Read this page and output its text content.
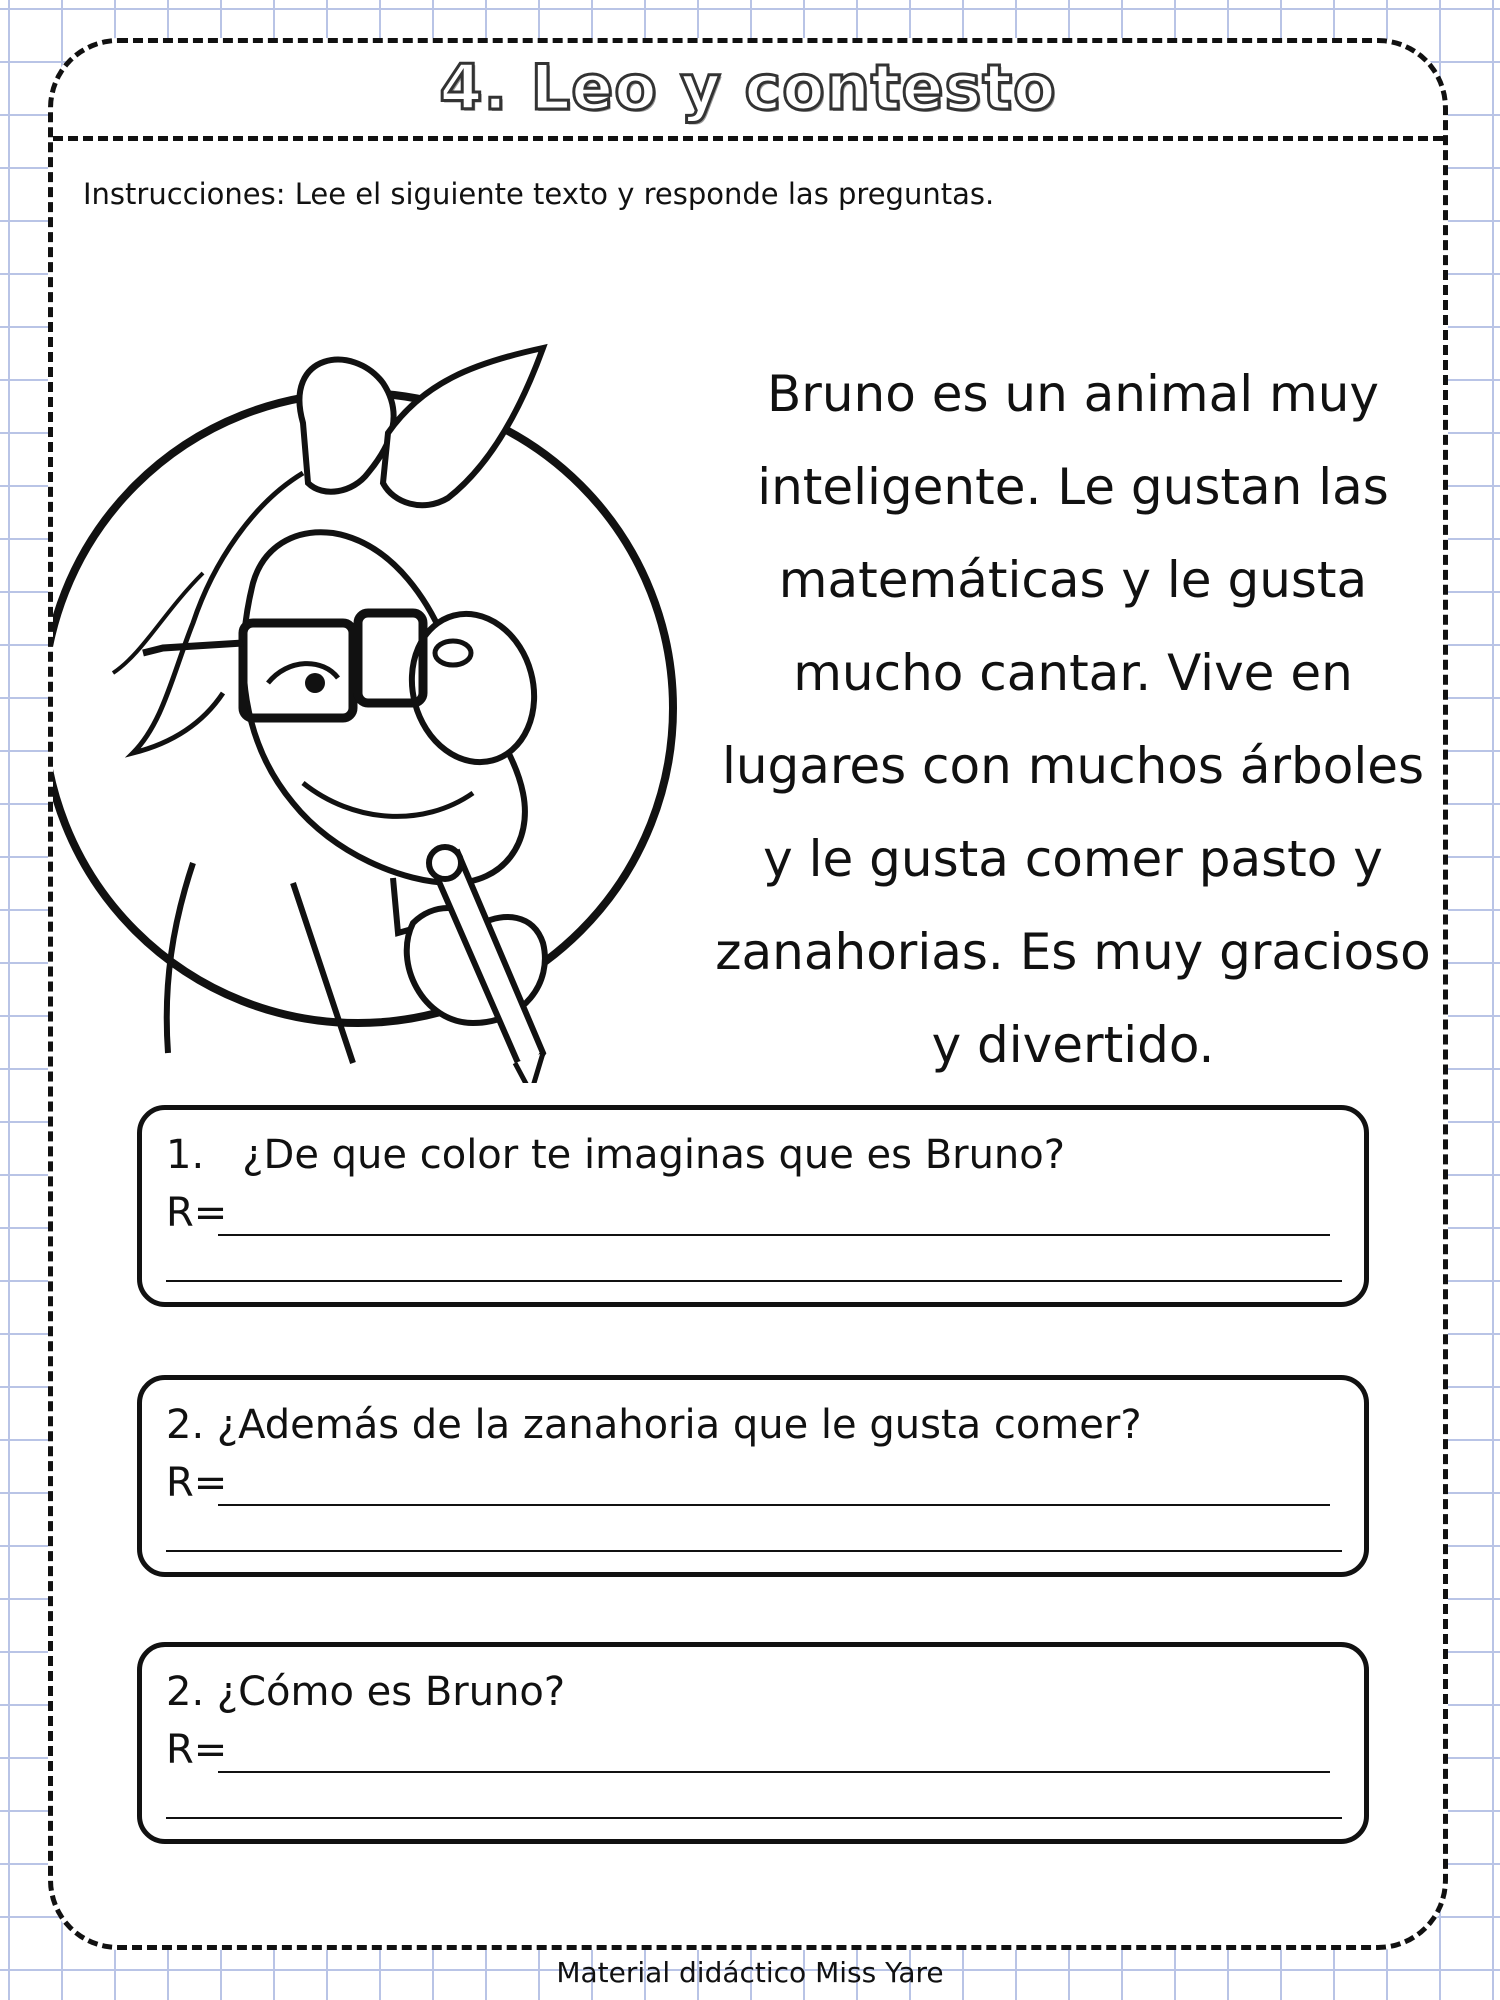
4. Leo y contesto
Instrucciones: Lee el siguiente texto y responde las preguntas.
Bruno es un animal muy
inteligente. Le gustan las
matemáticas y le gusta
mucho cantar. Vive en
lugares con muchos árboles
y le gusta comer pasto y
zanahorias. Es muy gracioso
y divertido.
1.   ¿De que color te imaginas que es Bruno?
R=
2. ¿Además de la zanahoria que le gusta comer?
R=
2. ¿Cómo es Bruno?
R=
Material didáctico Miss Yare
